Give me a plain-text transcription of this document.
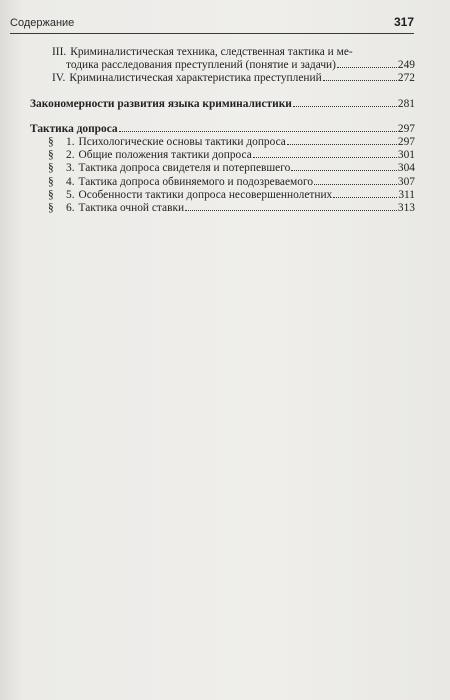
Содержание	317
III. Криминалистическая техника, следственная тактика и ме-
тодика расследования преступлений (понятие и задачи)	249
IV. Криминалистическая характеристика преступлений	272
Закономерности развития языка криминалистики	281
Тактика допроса	297
§	1. Психологические основы тактики допроса	297
§	2. Общие положения тактики допроса	301
§	3. Тактика допроса свидетеля и потерпевшего	304
§	4. Тактика допроса обвиняемого и подозреваемого	307
§	5. Особенности тактики допроса несовершеннолетних	311
§	6. Тактика очной ставки	313
